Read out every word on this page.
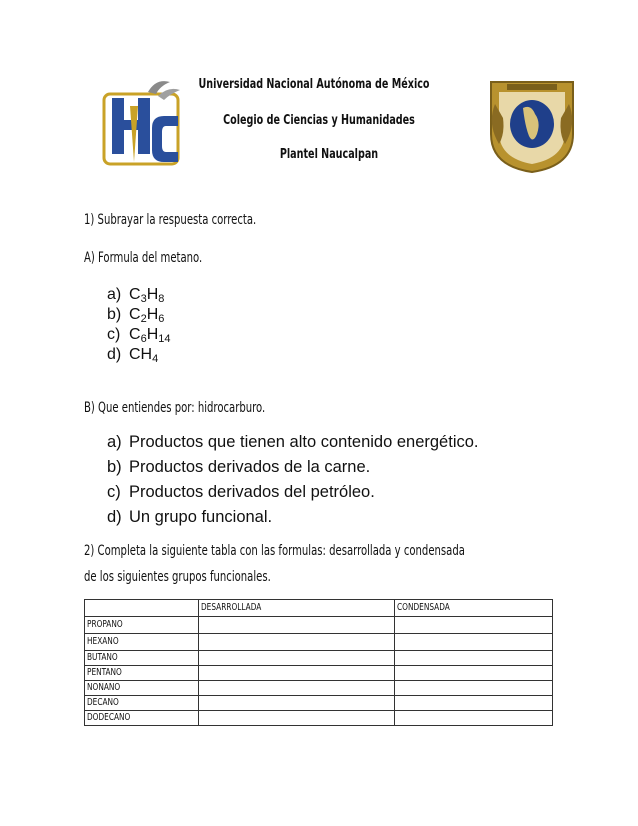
Universidad Nacional Autónoma de México
Colegio de Ciencias y Humanidades
Plantel Naucalpan
1) Subrayar la respuesta correcta.
A) Formula del metano.
a) $C_3H_8$
b) $C_2H_6$
c) $C_6H_{14}$
d) $CH_4$
B) Que entiendes por: hidrocarburo.
a) Productos que tienen alto contenido energético.
b) Productos derivados de la carne.
c) Productos derivados del petróleo.
d) Un grupo funcional.
2) Completa la siguiente tabla con las formulas: desarrollada y condensada
de los siguientes grupos funcionales.
	DESARROLLADA	CONDENSADA
PROPANO		
HEXANO		
BUTANO		
PENTANO		
NONANO		
DECANO		
DODECANO		
